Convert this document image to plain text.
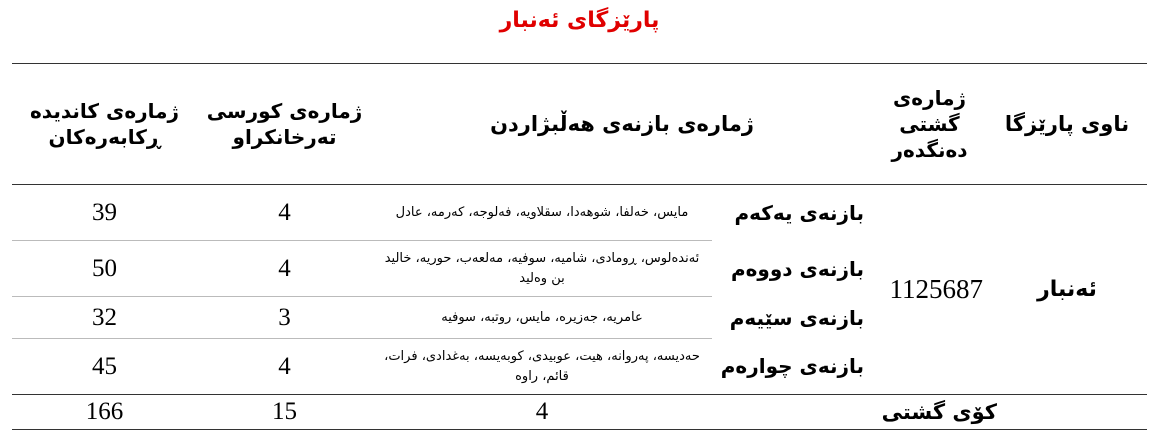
پارێزگای ئەنبار
ناوی پارێزگا	ژمارەی گشتی دەنگدەر	ژمارەی بازنەی هەڵبژاردن		ژمارەی کورسی تەرخانکراو	ژمارەی کاندیدە ڕکابەرەکان
ئەنبار	1125687	بازنەی یەکەم	مایس، خەلفا، شوهەدا، سقلاویە، فەلوجە، کەرمە، عادل	4	39
		بازنەی دووەم	ئەندەلوس، ڕومادی، شامیە، سوفیە، مەلعەب، حوریە، خالید بن وەلید	4	50
		بازنەی سێیەم	عامریە، جەزیرە، مایس، روتبە، سوفیە	3	32
		بازنەی چوارەم	حەدیسە، پەروانە، هیت، عوبیدی، کوبەیسە، بەغدادی، فرات، قائم، راوە	4	45
کۆی گشتی			4	15	166
